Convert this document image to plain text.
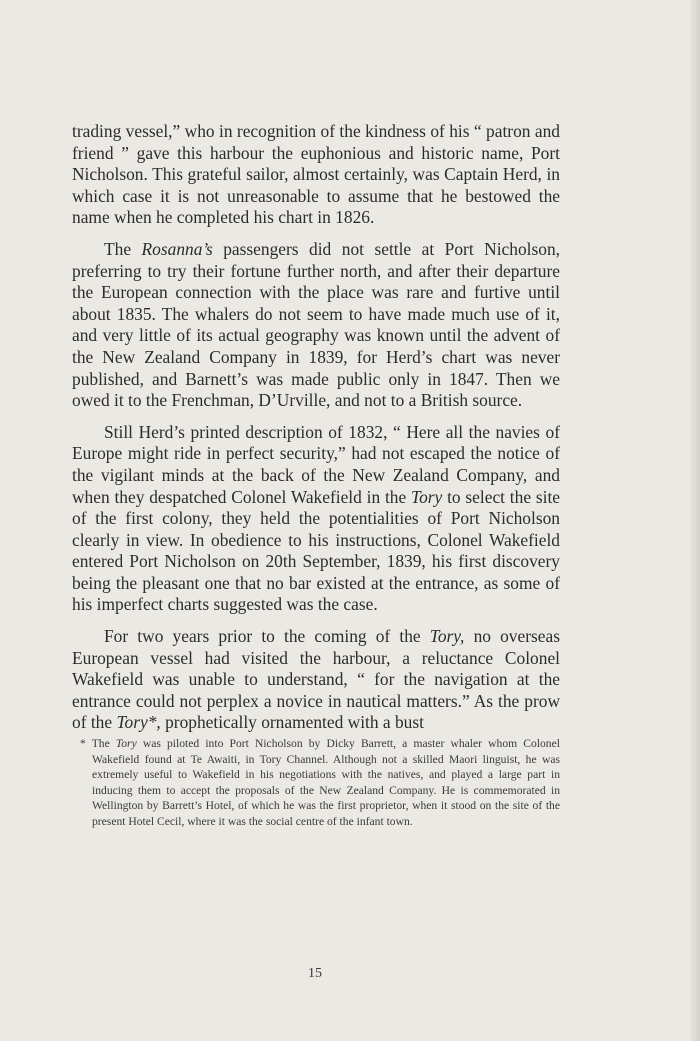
trading vessel,” who in recognition of the kindness of his “ patron and friend ” gave this harbour the euphonious and historic name, Port Nicholson. This grateful sailor, almost certainly, was Captain Herd, in which case it is not unreasonable to assume that he bestowed the name when he completed his chart in 1826.

The Rosanna’s passengers did not settle at Port Nicholson, preferring to try their fortune further north, and after their departure the European connection with the place was rare and furtive until about 1835. The whalers do not seem to have made much use of it, and very little of its actual geography was known until the advent of the New Zealand Company in 1839, for Herd’s chart was never published, and Barnett’s was made public only in 1847. Then we owed it to the Frenchman, D’Urville, and not to a British source.

Still Herd’s printed description of 1832, “ Here all the navies of Europe might ride in perfect security,” had not escaped the notice of the vigilant minds at the back of the New Zealand Company, and when they despatched Colonel Wakefield in the Tory to select the site of the first colony, they held the potentialities of Port Nicholson clearly in view. In obedience to his instructions, Colonel Wakefield entered Port Nicholson on 20th September, 1839, his first discovery being the pleasant one that no bar existed at the entrance, as some of his imperfect charts suggested was the case.

For two years prior to the coming of the Tory, no overseas European vessel had visited the harbour, a reluctance Colonel Wakefield was unable to understand, “ for the navigation at the entrance could not perplex a novice in nautical matters.” As the prow of the Tory*, prophetically ornamented with a bust

* The Tory was piloted into Port Nicholson by Dicky Barrett, a master whaler whom Colonel Wakefield found at Te Awaiti, in Tory Channel. Although not a skilled Maori linguist, he was extremely useful to Wakefield in his negotiations with the natives, and played a large part in inducing them to accept the proposals of the New Zealand Company. He is commemorated in Wellington by Barrett’s Hotel, of which he was the first proprietor, when it stood on the site of the present Hotel Cecil, where it was the social centre of the infant town.

15
